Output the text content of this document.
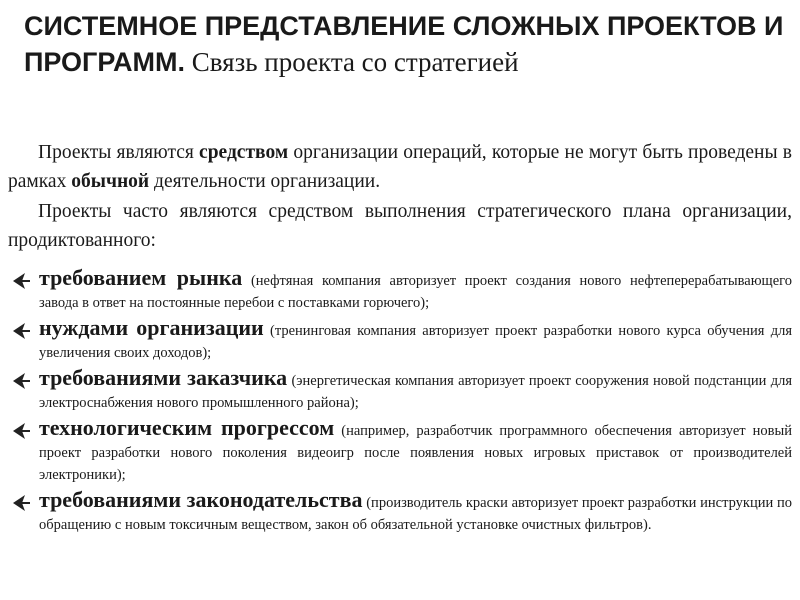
СИСТЕМНОЕ ПРЕДСТАВЛЕНИЕ СЛОЖНЫХ ПРОЕКТОВ И ПРОГРАММ. Связь проекта со стратегией
Проекты являются средством организации операций, которые не могут быть проведены в рамках обычной деятельности организации.
Проекты часто являются средством выполнения стратегического плана организации, продиктованного:
требованием рынка (нефтяная компания авторизует проект создания нового нефтеперерабатывающего завода в ответ на постоянные перебои с поставками горючего);
нуждами организации (тренинговая компания авторизует проект разработки нового курса обучения для увеличения своих доходов);
требованиями заказчика (энергетическая компания авторизует проект сооружения новой подстанции для электроснабжения нового промышленного района);
технологическим прогрессом (например, разработчик программного обеспечения авторизует новый проект разработки нового поколения видеоигр после появления новых игровых приставок от производителей электроники);
требованиями законодательства (производитель краски авторизует проект разработки инструкции по обращению с новым токсичным веществом, закон об обязательной установке очистных фильтров).
